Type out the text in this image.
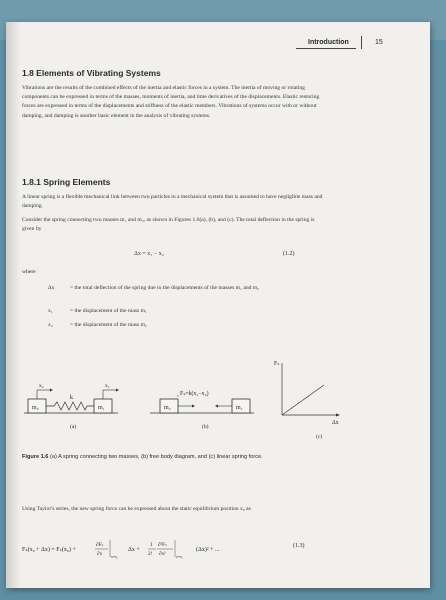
Introduction	15
1.8 Elements of Vibrating Systems
Vibrations are the results of the combined effects of the inertia and elastic forces in a system. The inertia of moving or rotating components can be expressed in terms of the masses, moments of inertia, and time derivatives of the displacements. Elastic restoring forces are expressed in terms of the displacements and stiffness of the elastic members. Vibrations of systems occur with or without damping, and damping is another basic element in the analysis of vibrating systems.
1.8.1 Spring Elements
A linear spring is a flexible mechanical link between two particles in a mechanical system that is assumed to have negligible mass and damping.
Consider the spring connecting two masses m₁ and m₂, as shown in Figures 1.6(a), (b), and (c). The total deflection in the spring is given by
Δx = x₁ − x₂	(1.2)
where
Δx	= the total deflection of the spring due to the displacements of the masses m₁ and m₂
x₁	= the displacement of the mass m₁
x₂	= the displacement of the mass m₂
m₂	m₁
k
x₂	x₁
(a)
m₂	m₁
Fₛ=k(x₁−x₂)
(b)
Fₛ
Δx
(c)
Figure 1.6 (a) A spring connecting two masses, (b) free body diagram, and (c) linear spring force.
Using Taylor's series, the new spring force can be expressed about the static equilibrium position x₀ as
Fₛ(x₀ + Δx) = Fₛ(x₀) +
∂Fₛ
∂x x=x₀
Δx +
1
2!
∂²Fₛ
∂x²	x=x₀
(Δx)² + ...
(1.3)
